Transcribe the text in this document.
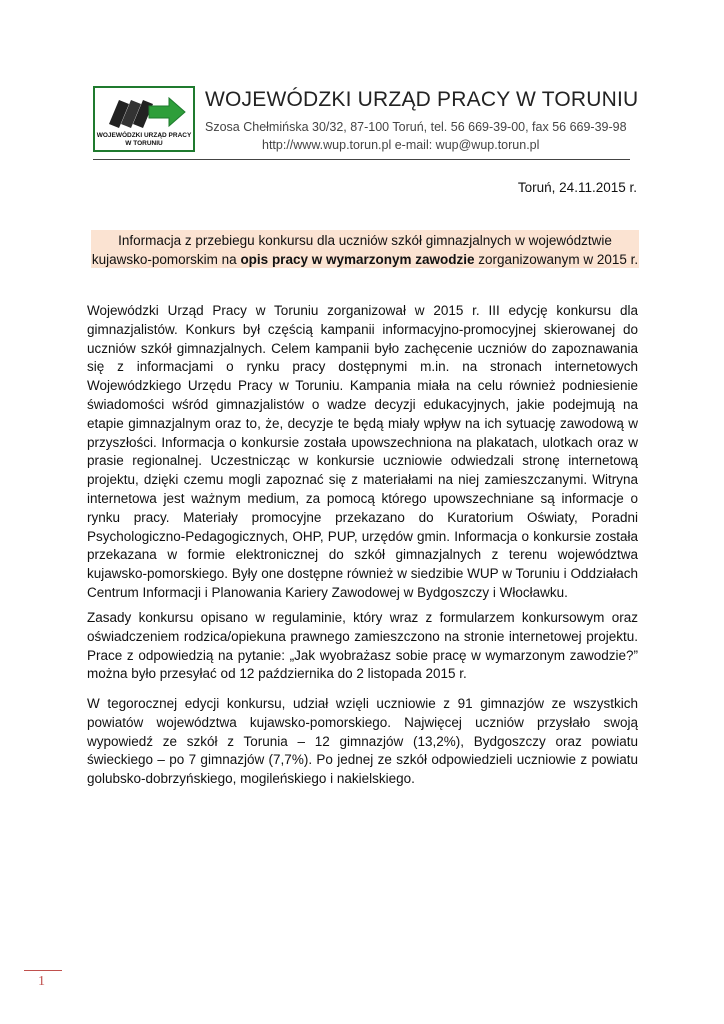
WOJEWÓDZKI URZĄD PRACY W TORUNIU
WOJEWÓDZKI URZĄD PRACY W TORUNIU
Szosa Chełmińska 30/32, 87-100 Toruń, tel. 56 669-39-00, fax 56 669-39-98
http://www.wup.torun.pl e-mail: wup@wup.torun.pl
Toruń, 24.11.2015 r.
Informacja z przebiegu konkursu dla uczniów szkół gimnazjalnych w województwie
kujawsko-pomorskim na opis pracy w wymarzonym zawodzie zorganizowanym w 2015 r.
Wojewódzki Urząd Pracy w Toruniu zorganizował w 2015 r. III edycję konkursu dla gimnazjalistów. Konkurs był częścią kampanii informacyjno-promocyjnej skierowanej do uczniów szkół gimnazjalnych. Celem kampanii było zachęcenie uczniów do zapoznawania się z informacjami o rynku pracy dostępnymi m.in. na stronach internetowych Wojewódzkiego Urzędu Pracy w Toruniu. Kampania miała na celu również podniesienie świadomości wśród gimnazjalistów o wadze decyzji edukacyjnych, jakie podejmują na etapie gimnazjalnym oraz to, że, decyzje te będą miały wpływ na ich sytuację zawodową w przyszłości. Informacja o konkursie została upowszechniona na plakatach, ulotkach oraz w prasie regionalnej. Uczestnicząc w konkursie uczniowie odwiedzali stronę internetową projektu, dzięki czemu mogli zapoznać się z materiałami na niej zamieszczanymi. Witryna internetowa jest ważnym medium, za pomocą którego upowszechniane są informacje o rynku pracy. Materiały promocyjne przekazano do Kuratorium Oświaty, Poradni Psychologiczno-Pedagogicznych, OHP, PUP, urzędów gmin. Informacja o konkursie została przekazana w formie elektronicznej do szkół gimnazjalnych z terenu województwa kujawsko-pomorskiego. Były one dostępne również w siedzibie WUP w Toruniu i Oddziałach Centrum Informacji i Planowania Kariery Zawodowej w Bydgoszczy i Włocławku.
Zasady konkursu opisano w regulaminie, który wraz z formularzem konkursowym oraz oświadczeniem rodzica/opiekuna prawnego zamieszczono na stronie internetowej projektu. Prace z odpowiedzią na pytanie: „Jak wyobrażasz sobie pracę w wymarzonym zawodzie?” można było przesyłać od 12 października do 2 listopada 2015 r.
W tegorocznej edycji konkursu, udział wzięli uczniowie z 91 gimnazjów ze wszystkich powiatów województwa kujawsko-pomorskiego. Najwięcej uczniów przysłało swoją wypowiedź ze szkół z Torunia – 12 gimnazjów (13,2%), Bydgoszczy oraz powiatu świeckiego – po 7 gimnazjów (7,7%). Po jednej ze szkół odpowiedzieli uczniowie z powiatu golubsko-dobrzyńskiego, mogileńskiego i nakielskiego.
1
